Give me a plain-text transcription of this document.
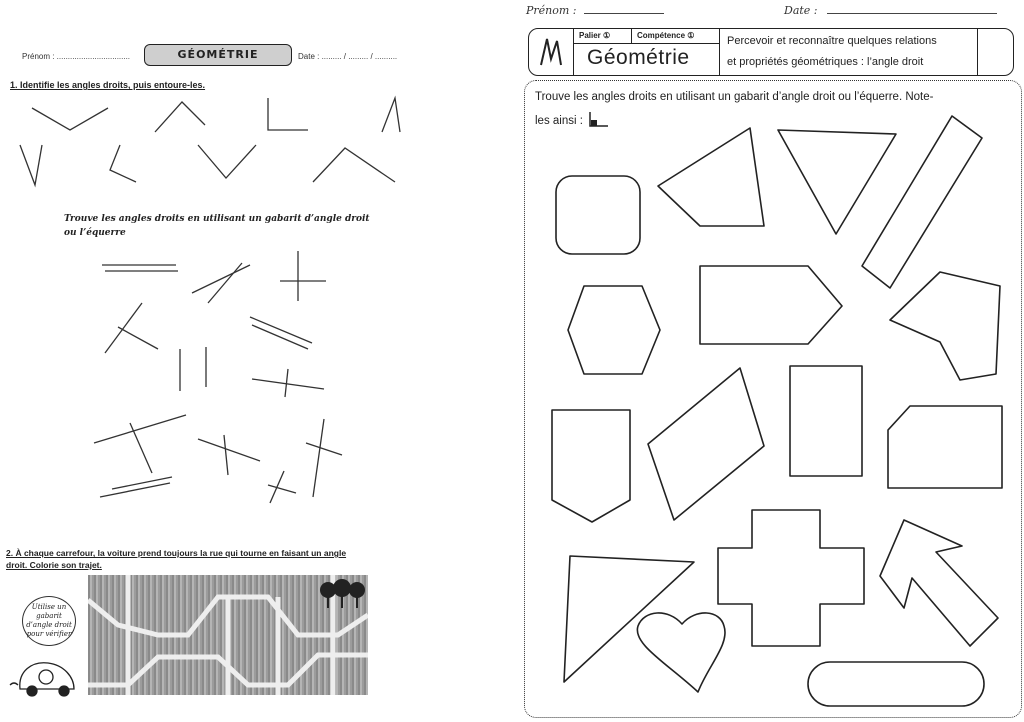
Prénom : .................................	GÉOMÉTRIE	Date : ......... / ......... / ..........
1. Identifie les angles droits, puis entoure-les.
Trouve les angles droits en utilisant un gabarit d’angle droit ou l’équerre
2. À chaque carrefour, la voiture prend toujours la rue qui tourne en faisant un angle
droit. Colorie son trajet.
Utilise un gabarit d’angle droit pour vérifier
Prénom :	Date :
Palier ①	Compétence ①
Géométrie
Percevoir et reconnaître quelques relations
et propriétés géométriques : l’angle droit
Trouve les angles droits en utilisant un gabarit d’angle droit ou l’équerre. Note-
les ainsi :
